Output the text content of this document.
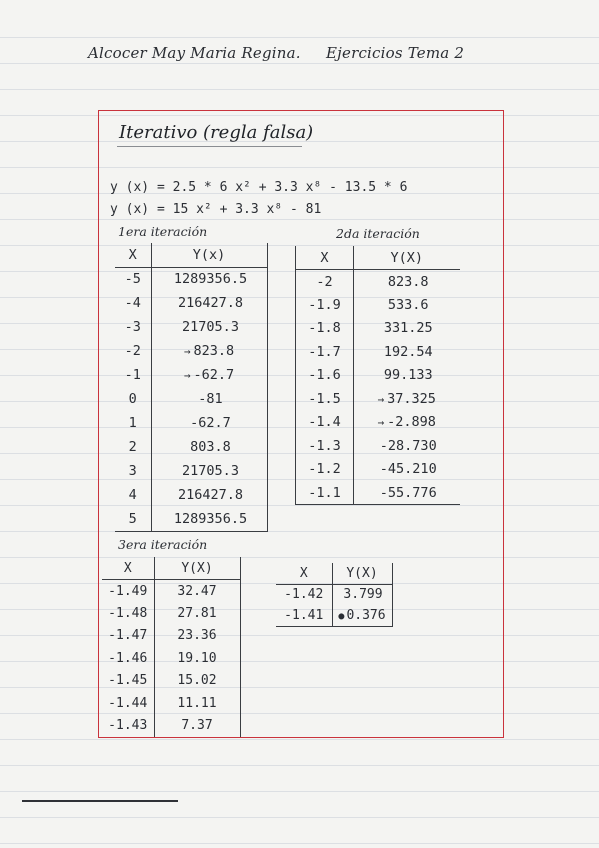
Alcocer May Maria Regina. Ejercicios Tema 2
Iterativo (regla falsa)
y (x) = 2.5 * 6 x² + 3.3 x⁸ - 13.5 * 6
y (x) = 15 x² + 3.3 x⁸ - 81
1era iteración	2da iteración
3era iteración
X	Y(x)
-5	1289356.5
-4	216427.8
-3	21705.3
-2	→ 823.8
-1	→ -62.7
0	-81
1	-62.7
2	803.8
3	21705.3
4	216427.8
5	1289356.5
X	Y(X)
-2	823.8
-1.9	533.6
-1.8	331.25
-1.7	192.54
-1.6	99.133
-1.5	→ 37.325
-1.4	→ -2.898
-1.3	-28.730
-1.2	-45.210
-1.1	-55.776
X	Y(X)
-1.49	32.47
-1.48	27.81
-1.47	23.36
-1.46	19.10
-1.45	15.02
-1.44	11.11
-1.43	7.37
X	Y(X)
-1.42	3.799
-1.41	● 0.376
